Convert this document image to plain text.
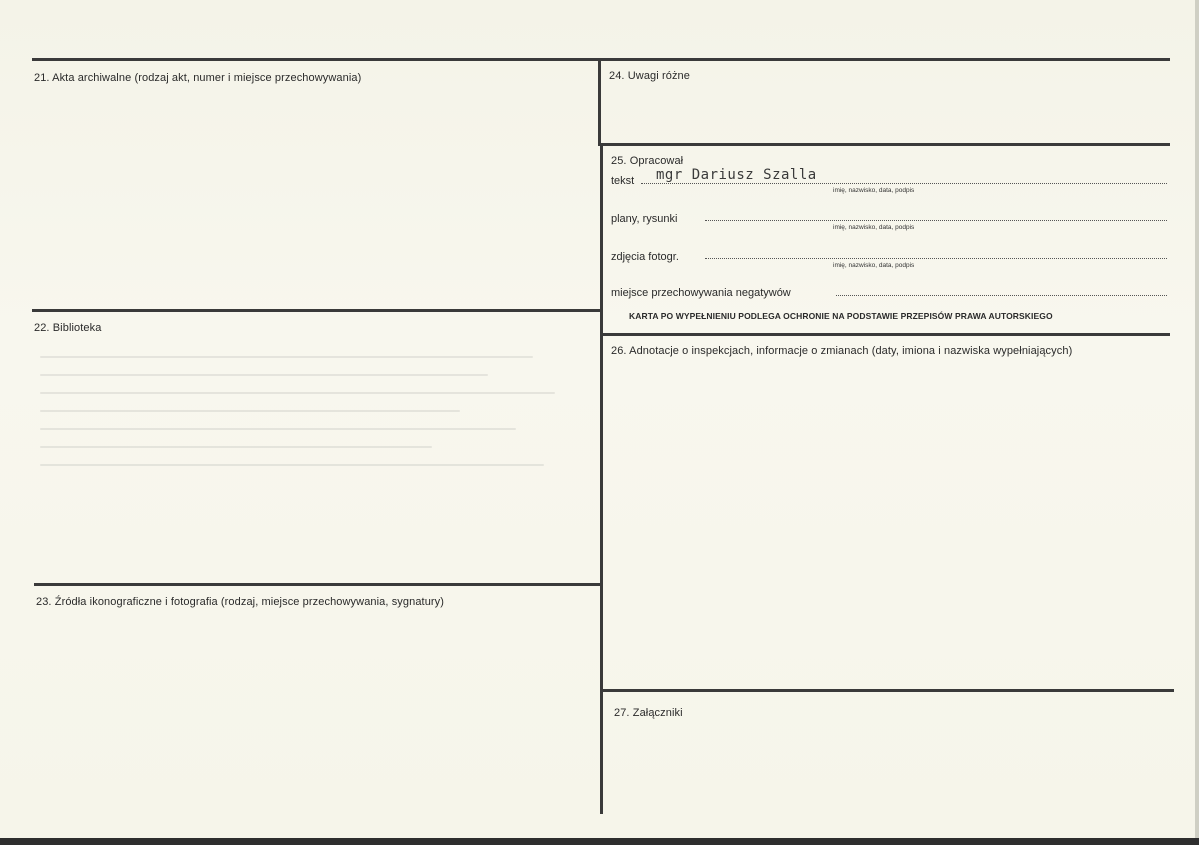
21. Akta archiwalne (rodzaj akt, numer i miejsce przechowywania)
22. Biblioteka
23. Źródła ikonograficzne i fotografia (rodzaj, miejsce przechowywania, sygnatury)
24. Uwagi różne
25. Opracował
tekst mgr Dariusz Szalla
imię, nazwisko, data, podpis
plany, rysunki
imię, nazwisko, data, podpis
zdjęcia fotogr.
imię, nazwisko, data, podpis
miejsce przechowywania negatywów
KARTA PO WYPEŁNIENIU PODLEGA OCHRONIE NA PODSTAWIE PRZEPISÓW PRAWA AUTORSKIEGO
26. Adnotacje o inspekcjach, informacje o zmianach (daty, imiona i nazwiska wypełniających)
27. Załączniki
